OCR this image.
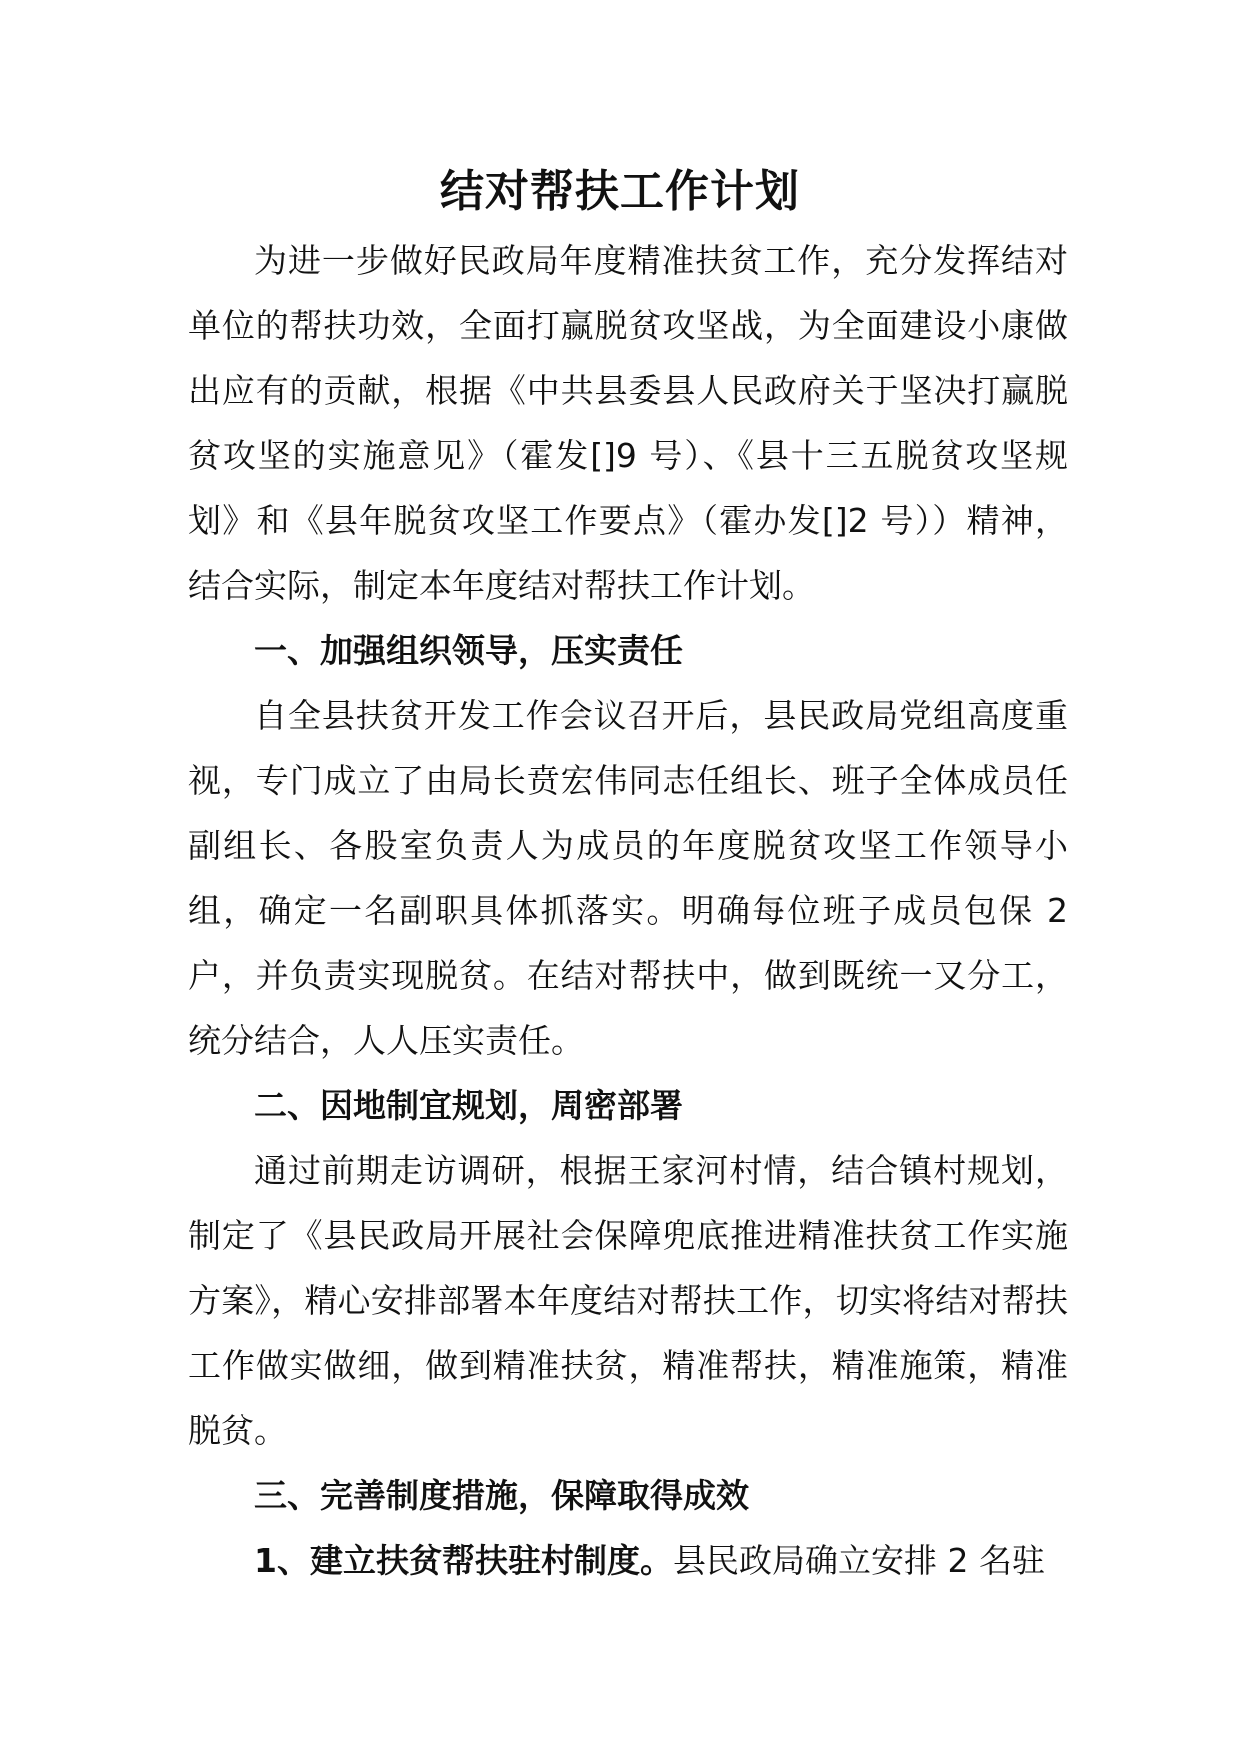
结对帮扶工作计划

为进一步做好民政局年度精准扶贫工作，充分发挥结对单位的帮扶功效，全面打赢脱贫攻坚战，为全面建设小康做出应有的贡献，根据《中共县委县人民政府关于坚决打赢脱贫攻坚的实施意见》（霍发[]9 号）、《县十三五脱贫攻坚规划》和《县年脱贫攻坚工作要点》（霍办发[]2 号））精神，结合实际，制定本年度结对帮扶工作计划。

一、加强组织领导，压实责任

自全县扶贫开发工作会议召开后，县民政局党组高度重视，专门成立了由局长贲宏伟同志任组长、班子全体成员任副组长、各股室负责人为成员的年度脱贫攻坚工作领导小组，确定一名副职具体抓落实。明确每位班子成员包保 2 户，并负责实现脱贫。在结对帮扶中，做到既统一又分工，统分结合，人人压实责任。

二、因地制宜规划，周密部署

通过前期走访调研，根据王家河村情，结合镇村规划，制定了《县民政局开展社会保障兜底推进精准扶贫工作实施方案》，精心安排部署本年度结对帮扶工作，切实将结对帮扶工作做实做细，做到精准扶贫，精准帮扶，精准施策，精准脱贫。

三、完善制度措施，保障取得成效

1、建立扶贫帮扶驻村制度。县民政局确立安排 2 名驻
